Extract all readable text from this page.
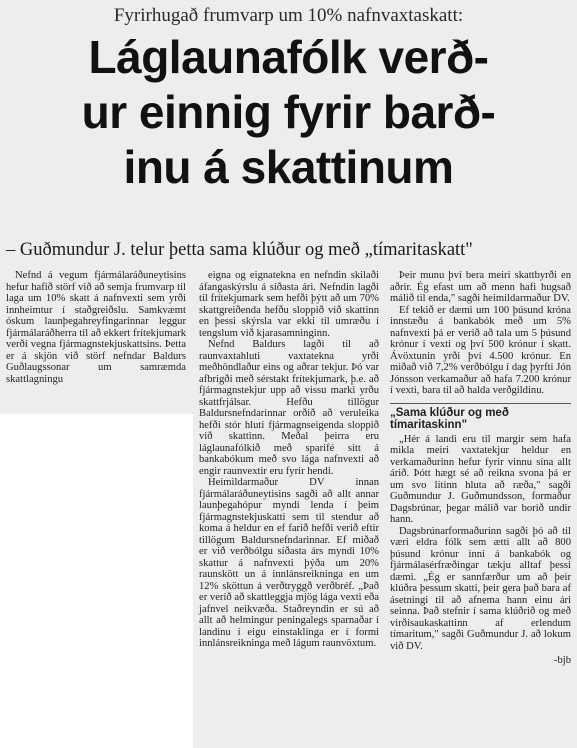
Fyrirhugað frumvarp um 10% nafnvaxtaskatt:
Láglaunafólk verð-
ur einnig fyrir barð-
inu á skattinum
– Guðmundur J. telur þetta sama klúður og með „tímaritaskatt"

Nefnd á vegum fjármálaráðuneytisins hefur hafið störf við að semja frumvarp til laga um 10% skatt á nafnvexti sem yrði innheimtur í staðgreiðslu. Samkvæmt óskum launþegahreyfingarinnar leggur fjármálaráðherra til að ekkert frítekjumark verði vegna fjármagnstekjuskattsins. Þetta er á skjön við störf nefndar Baldurs Guðlaugssonar um samræmda skattlagningu

eigna og eignatekna en nefndin skilaði áfangaskýrslu á síðasta ári. Nefndin lagði til frítekjumark sem hefði þýtt að um 70% skattgreiðenda hefðu sloppið við skattinn en þessi skýrsla var ekki til umræðu í tengslum við kjarasamninginn.

Nefnd Baldurs lagði til að raunvaxtahluti vaxtatekna yrði meðhöndlaður eins og aðrar tekjur. Þó var afbrigði með sérstakt frítekjumark, þ.e. að fjármagnstekjur upp að vissu marki yrðu skattfrjálsar. Hefðu tillögur Baldursnefndarinnar orðið að veruleika hefði stór hluti fjármagnseigenda sloppið við skattinn. Meðal þeirra eru láglaunafólkið með sparifé sitt á bankabókum með svo lága nafnvexti að engir raunvextir eru fyrir hendi.

Heimildarmaður DV innan fjármálaráðuneytisins sagði að allt annar launþegahópur myndi lenda í þeim fjármagnstekjuskatti sem til stendur að koma á heldur en ef farið hefði verið eftir tillögum Baldursnefndarinnar. Ef miðað er við verðbólgu síðasta árs myndi 10% skattur á nafnvexti þýða um 20% raunskött un á innlánsreikninga en um 12% sköttun á verðtryggð verðbréf. „Það er verið að skattleggja mjög lága vexti eða jafnvel neikvæða. Staðreyndin er sú að allt að helmingur peningalegs sparnaðar í landinu í eigu einstaklinga er í formi innlánsreikninga með lágum raunvöxtum.

Þeir munu því bera meiri skattbyrði en aðrir. Ég efast um að menn hafi hugsað málið til enda," sagði heimildarmaður DV.

Ef tekið er dæmi um 100 þúsund króna innstæðu á bankabók með um 5% nafnvexti þá er verið að tala um 5 þúsund krónur í vexti og því 500 krónur í skatt. Ávöxtunin yrði því 4.500 krónur. En miðað við 7,2% verðbólgu í dag þyrfti Jón Jónsson verkamaður að hafa 7.200 krónur í vexti, bara til að halda verðgildinu.

„Sama klúður og með tímaritaskinn"

„Hér á landi eru til margir sem hafa mikla meiri vaxtatekjur heldur en verkamaðurinn hefur fyrir vinnu sína allt árið. Þótt hægt sé að reikna svona þá er um svo lítinn hluta að ræða," sagði Guðmundur J. Guðmundsson, formaður Dagsbrúnar, þegar málið var borið undir hann.

Dagsbrúnarformaðurinn sagði þó að til væri eldra fólk sem ætti allt að 800 þúsund krónur inni á bankabók og fjármálasérfræðingar tækju alltaf þessi dæmi. „Ég er sannfærður um að þeir klúðra þessum skatti, þeir gera það bara af ásetningi til að afnema hann einu ári seinna. Það stefnir í sama klúðrið og með virðisaukaskattinn af erlendum tímaritum," sagði Guðmundur J. að lokum við DV.

-bjb
